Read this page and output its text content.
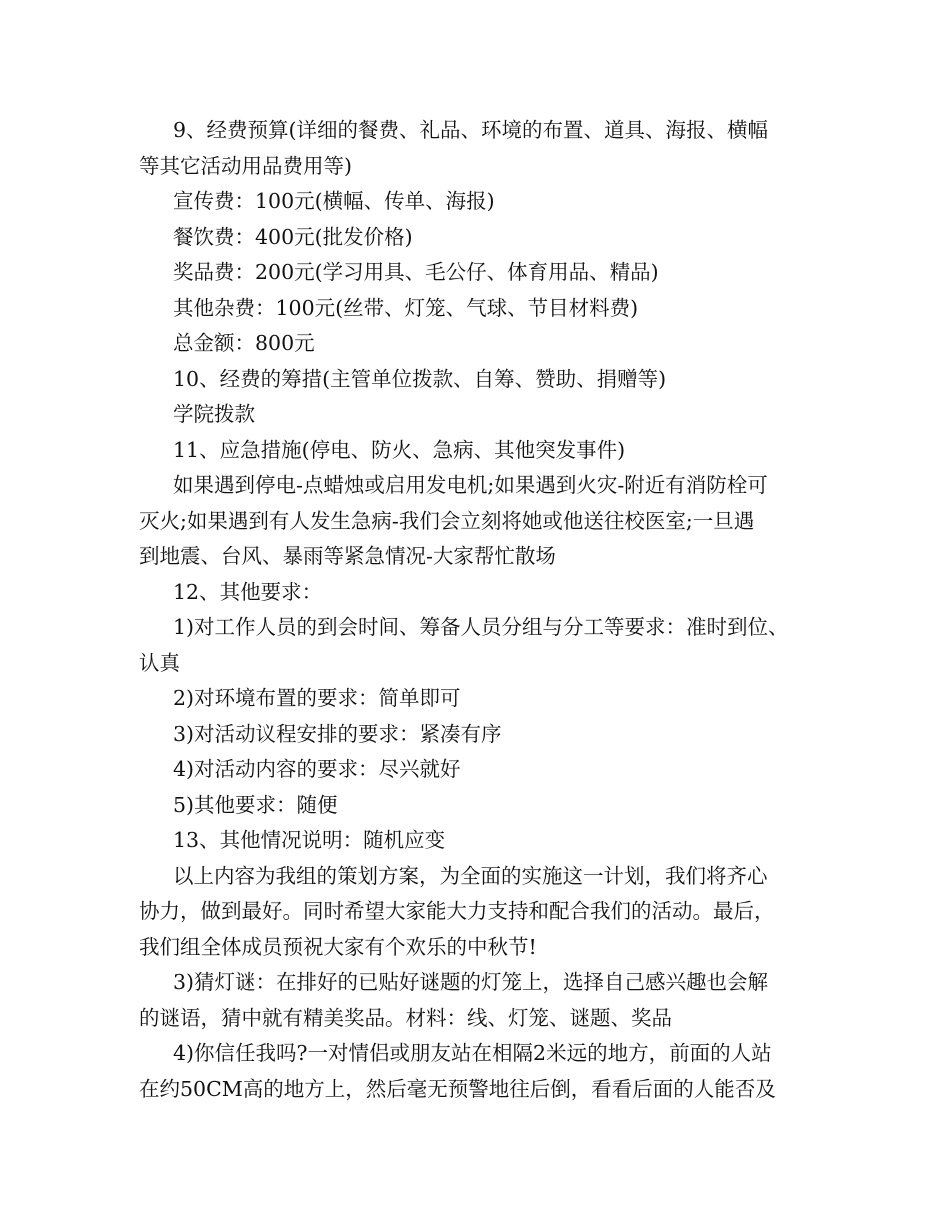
9、经费预算(详细的餐费、礼品、环境的布置、道具、海报、横幅
等其它活动用品费用等)
宣传费：100元(横幅、传单、海报)
餐饮费：400元(批发价格)
奖品费：200元(学习用具、毛公仔、体育用品、精品)
其他杂费：100元(丝带、灯笼、气球、节目材料费)
总金额：800元
10、经费的筹措(主管单位拨款、自筹、赞助、捐赠等)
学院拨款
11、应急措施(停电、防火、急病、其他突发事件)
如果遇到停电-点蜡烛或启用发电机;如果遇到火灾-附近有消防栓可
灭火;如果遇到有人发生急病-我们会立刻将她或他送往校医室;一旦遇
到地震、台风、暴雨等紧急情况-大家帮忙散场
12、其他要求：
1)对工作人员的到会时间、筹备人员分组与分工等要求：准时到位、
认真
2)对环境布置的要求：简单即可
3)对活动议程安排的要求：紧凑有序
4)对活动内容的要求：尽兴就好
5)其他要求：随便
13、其他情况说明：随机应变
以上内容为我组的策划方案，为全面的实施这一计划，我们将齐心
协力，做到最好。同时希望大家能大力支持和配合我们的活动。最后，
我们组全体成员预祝大家有个欢乐的中秋节!
3)猜灯谜：在排好的已贴好谜题的灯笼上，选择自己感兴趣也会解
的谜语，猜中就有精美奖品。材料：线、灯笼、谜题、奖品
4)你信任我吗?一对情侣或朋友站在相隔2米远的地方，前面的人站
在约50CM高的地方上，然后毫无预警地往后倒，看看后面的人能否及
